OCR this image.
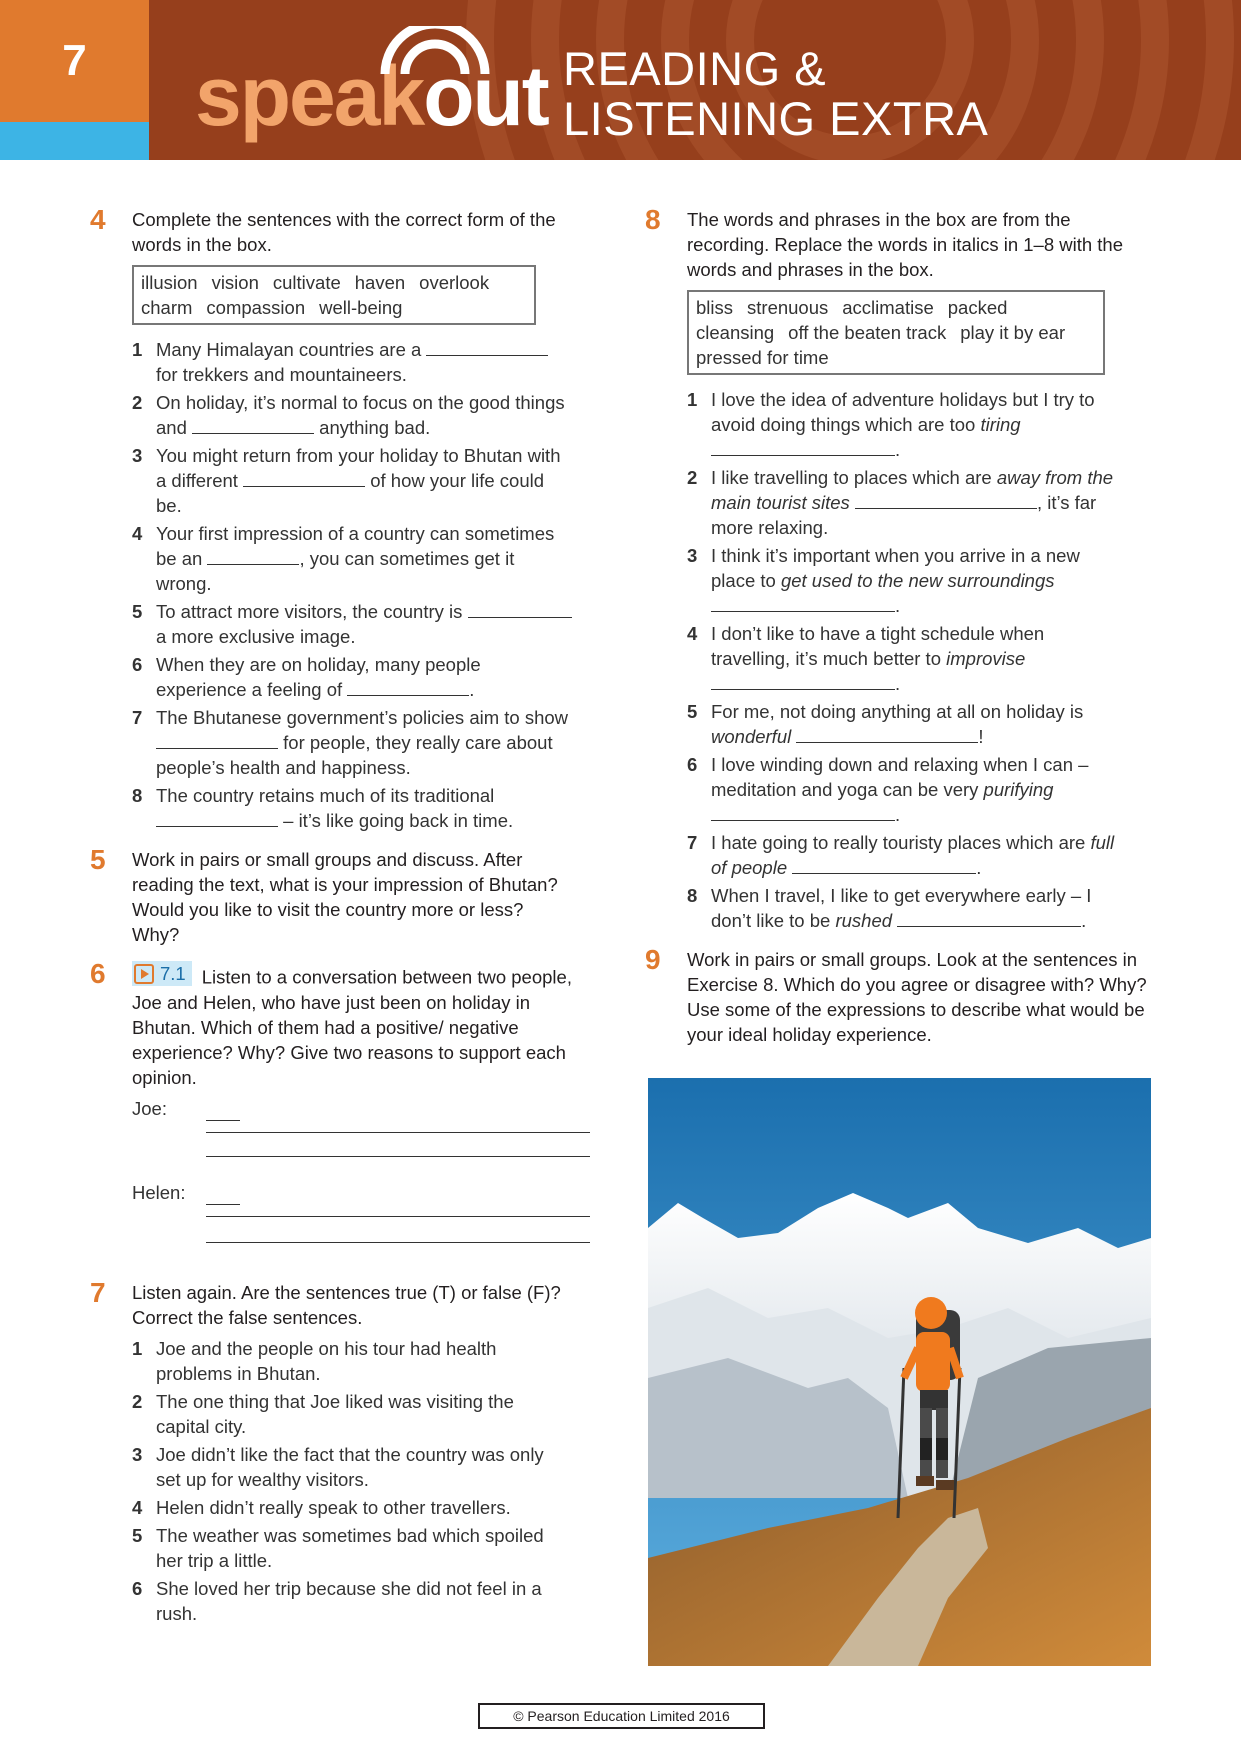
7	speakout READING &
LISTENING EXTRA
4 Complete the sentences with the correct form of the words in the box.
illusion vision cultivate haven overlook
charm compassion well-being
1 Many Himalayan countries are a  for trekkers and mountaineers.
2 On holiday, it’s normal to focus on the good things and	anything bad.
3 You might return from your holiday to Bhutan with a different	of how your life could be.
4 Your first impression of a country can sometimes be an	, you can sometimes get it wrong.
5 To attract more visitors, the country is  a more exclusive image.
6 When they are on holiday, many people experience a feeling of	.
7 The Bhutanese government’s policies aim to show  for people, they really care about people’s health and happiness.
8 The country retains much of its traditional  – it’s like going back in time.
5 Work in pairs or small groups and discuss. After reading the text, what is your impression of Bhutan? Would you like to visit the country more or less? Why?
6	7.1 Listen to a conversation between two people, Joe and Helen, who have just been on holiday in Bhutan. Which of them had a positive/ negative experience? Why? Give two reasons to support each opinion.
Joe:
Helen:
7 Listen again. Are the sentences true (T) or false (F)? Correct the false sentences.
1 Joe and the people on his tour had health problems in Bhutan.
2 The one thing that Joe liked was visiting the capital city.
3 Joe didn’t like the fact that the country was only set up for wealthy visitors.
4 Helen didn’t really speak to other travellers.
5 The weather was sometimes bad which spoiled her trip a little.
6 She loved her trip because she did not feel in a rush.
8 The words and phrases in the box are from the recording. Replace the words in italics in 1–8 with the words and phrases in the box.
bliss strenuous acclimatise packed
cleansing off the beaten track play it by ear
pressed for time
1 I love the idea of adventure holidays but I try to avoid doing things which are too tiring
.
2 I like travelling to places which are away from the main tourist sites	, it’s far more relaxing.
3 I think it’s important when you arrive in a new place to get used to the new surroundings
.
4 I don’t like to have a tight schedule when travelling, it’s much better to improvise
.
5 For me, not doing anything at all on holiday is
wonderful	!
6 I love winding down and relaxing when I can – meditation and yoga can be very purifying
.
7 I hate going to really touristy places which are full of people	.
8 When I travel, I like to get everywhere early – I don’t like to be rushed	.
9 Work in pairs or small groups. Look at the sentences in Exercise 8. Which do you agree or disagree with? Why? Use some of the expressions to describe what would be your ideal holiday experience.
© Pearson Education Limited 2016
